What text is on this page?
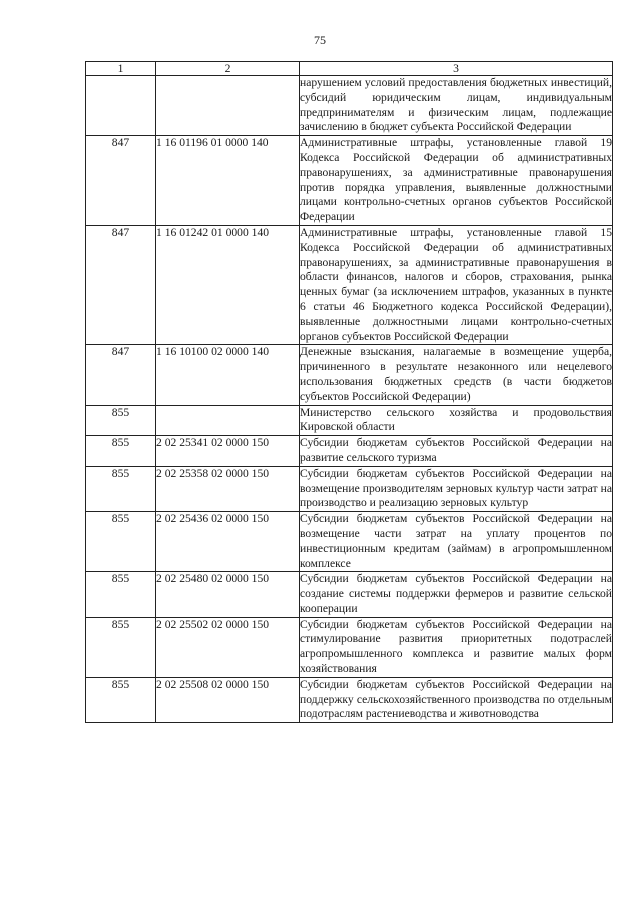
75
1	2	3
		нарушением условий предоставления бюджетных инвестиций, субсидий юридическим лицам, индивидуальным предпринимателям и физическим лицам, подлежащие зачислению в бюджет субъекта Российской Федерации
847	1 16 01196 01 0000 140	Административные штрафы, установленные главой 19 Кодекса Российской Федерации об административных правонарушениях, за административные правонарушения против порядка управления, выявленные должностными лицами контрольно-счетных органов субъектов Российской Федерации
847	1 16 01242 01 0000 140	Административные штрафы, установленные главой 15 Кодекса Российской Федерации об административных правонарушениях, за административные правонарушения в области финансов, налогов и сборов, страхования, рынка ценных бумаг (за исключением штрафов, указанных в пункте 6 статьи 46 Бюджетного кодекса Российской Федерации), выявленные должностными лицами контрольно-счетных органов субъектов Российской Федерации
847	1 16 10100 02 0000 140	Денежные взыскания, налагаемые в возмещение ущерба, причиненного в результате незаконного или нецелевого использования бюджетных средств (в части бюджетов субъектов Российской Федерации)
855		Министерство сельского хозяйства и продовольствия Кировской области
855	2 02 25341 02 0000 150	Субсидии бюджетам субъектов Российской Федерации на развитие сельского туризма
855	2 02 25358 02 0000 150	Субсидии бюджетам субъектов Российской Федерации на возмещение производителям зерновых культур части затрат на производство и реализацию зерновых культур
855	2 02 25436 02 0000 150	Субсидии бюджетам субъектов Российской Федерации на возмещение части затрат на уплату процентов по инвестиционным кредитам (займам) в агропромышленном комплексе
855	2 02 25480 02 0000 150	Субсидии бюджетам субъектов Российской Федерации на создание системы поддержки фермеров и развитие сельской кооперации
855	2 02 25502 02 0000 150	Субсидии бюджетам субъектов Российской Федерации на стимулирование развития приоритетных подотраслей агропромышленного комплекса и развитие малых форм хозяйствования
855	2 02 25508 02 0000 150	Субсидии бюджетам субъектов Российской Федерации на поддержку сельскохозяйственного производства по отдельным подотраслям растениеводства и животноводства
